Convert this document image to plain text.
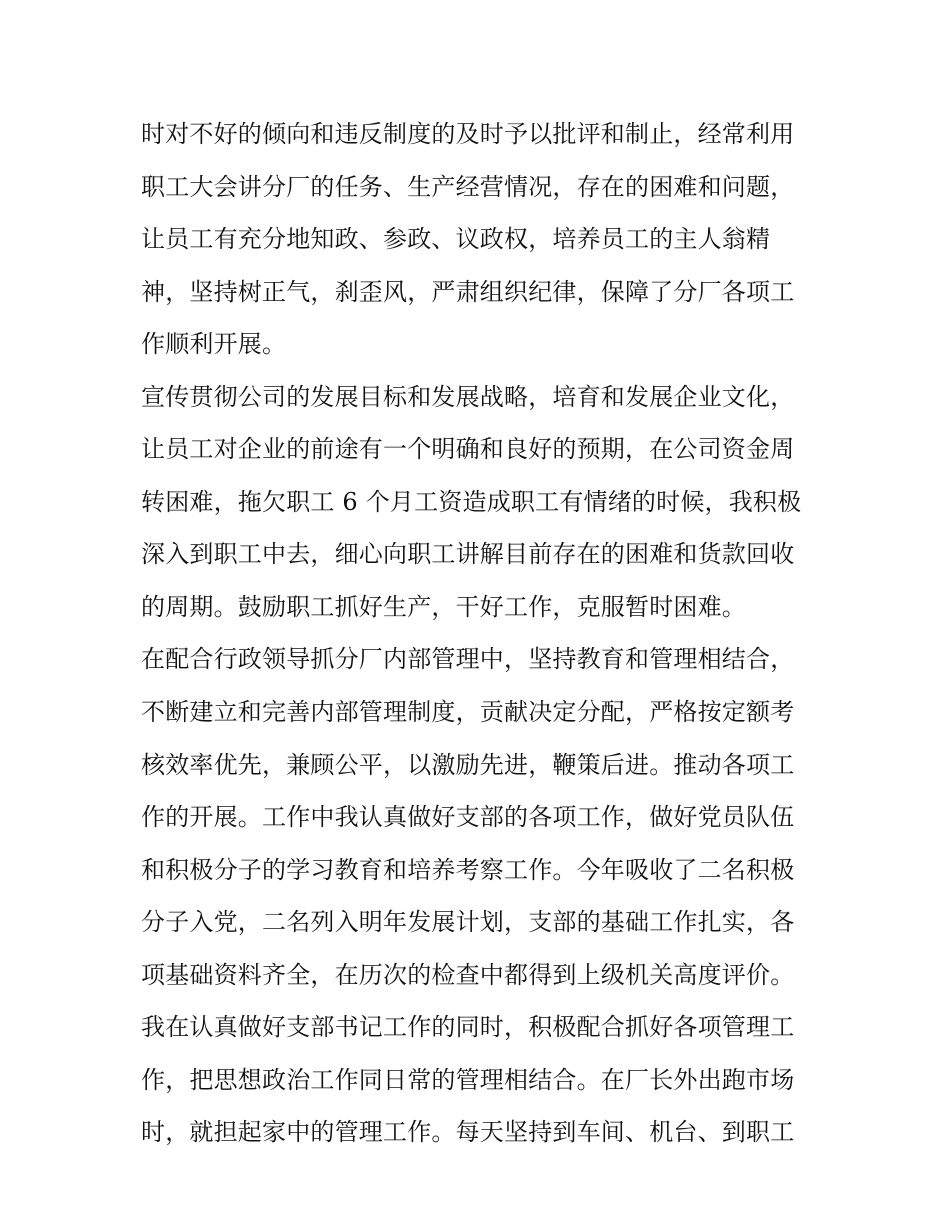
时对不好的倾向和违反制度的及时予以批评和制止，经常利用
职工大会讲分厂的任务、生产经营情况，存在的困难和问题，
让员工有充分地知政、参政、议政权，培养员工的主人翁精
神，坚持树正气，刹歪风，严肃组织纪律，保障了分厂各项工
作顺利开展。
宣传贯彻公司的发展目标和发展战略，培育和发展企业文化，
让员工对企业的前途有一个明确和良好的预期，在公司资金周
转困难，拖欠职工 6 个月工资造成职工有情绪的时候，我积极
深入到职工中去，细心向职工讲解目前存在的困难和货款回收
的周期。鼓励职工抓好生产，干好工作，克服暂时困难。
在配合行政领导抓分厂内部管理中，坚持教育和管理相结合，
不断建立和完善内部管理制度，贡献决定分配，严格按定额考
核效率优先，兼顾公平，以激励先进，鞭策后进。推动各项工
作的开展。工作中我认真做好支部的各项工作，做好党员队伍
和积极分子的学习教育和培养考察工作。今年吸收了二名积极
分子入党，二名列入明年发展计划，支部的基础工作扎实，各
项基础资料齐全，在历次的检查中都得到上级机关高度评价。
我在认真做好支部书记工作的同时，积极配合抓好各项管理工
作，把思想政治工作同日常的管理相结合。在厂长外出跑市场
时，就担起家中的管理工作。每天坚持到车间、机台、到职工
